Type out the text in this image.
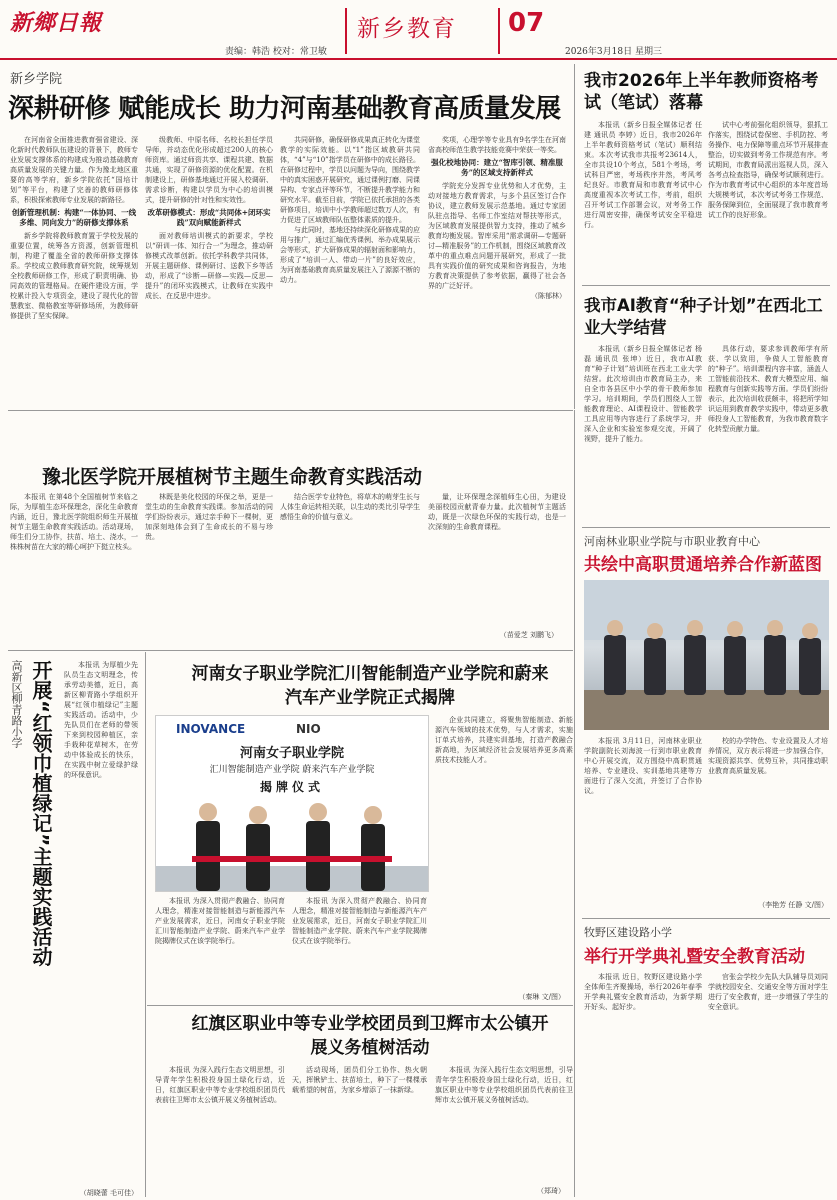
新鄉日報
责编：韩浩 校对：常卫敏
新乡教育 07
2026年3月18日 星期三
新乡学院
深耕研修 赋能成长 助力河南基础教育高质量发展

在河南省全面推进教育强省建设、深化新时代教师队伍建设的背景下，教师专业发展支撑体系的构建成为推动基础教育高质量发展的关键力量。作为豫北地区重要的高等学府，新乡学院依托“国培计划”等平台，构建了完善的教师研修体系，积极探索教师专业发展的新路径。

创新管理机制：构建“一体协同、一线多维、同向发力”的研修支撑体系

新乡学院将教师教育置于学校发展的重要位置，统筹各方资源，创新管理机制，构建了覆盖全省的教师研修支撑体系。学校成立教师教育研究院，统筹规划全校教师研修工作，形成了职责明确、协同高效的管理格局。在硬件建设方面，学校累计投入专项资金，建设了现代化的智慧教室、微格教室等研修场所，为教师研修提供了坚实保障。

级教师、中原名师、名校长担任学员导师，并动态优化形成超过200人的核心师资库。通过师资共享、课程共建、数据共通，实现了研修资源的优化配置。在机制建设上，研修基地通过开展入校调研、需求诊断，构建以学员为中心的培训模式，提升研修的针对性和实效性。

改革研修模式：形成“共同体+闭环实践”双向赋能新样式

面对教师培训模式的新要求，学校以“研训一体、知行合一”为理念，推动研修模式改革创新。依托学科教学共同体，开展主题研修、课例研讨、送教下乡等活动，形成了“诊断—研修—实践—反思—提升”的闭环实践模式，让教师在实践中成长、在反思中进步。

共同研修，确保研修成果真正转化为课堂教学的实际效能。以“1”指区域教研共同体，“4”与“10”指学员在研修中的成长路径。在研修过程中，学员以问题为导向，围绕教学中的真实困惑开展研究，通过课例打磨、同课异构、专家点评等环节，不断提升教学能力和研究水平。截至目前，学院已依托承担的各类研修项目，培训中小学教师超过数万人次，有力促进了区域教师队伍整体素质的提升。

与此同时，基地还持续深化研修成果的应用与推广，通过汇编优秀课例、举办成果展示会等形式，扩大研修成果的辐射面和影响力，形成了“培训一人、带动一片”的良好效应，为河南基础教育高质量发展注入了源源不断的动力。

奖项，心理学等专业具有9名学生在河南省高校师范生教学技能竞赛中荣获一等奖。

强化校地协同：建立“智库引领、精准服务”的区域支持新样式

学院充分发挥专业优势和人才优势，主动对接地方教育需求，与多个县区签订合作协议，建立教师发展示范基地。通过专家团队驻点指导、名师工作室结对帮扶等形式，为区域教育发展提供智力支持，推动了城乡教育均衡发展。智库采用“需求调研—专题研讨—精准服务”的工作机制，围绕区域教育改革中的重点难点问题开展研究，形成了一批具有实践价值的研究成果和咨询报告，为地方教育决策提供了参考依据，赢得了社会各界的广泛好评。

（陈郁林）
我市2026年上半年教师资格考试（笔试）落幕

本报讯（新乡日报全媒体记者 任建 通讯员 李婷）近日，我市2026年上半年教师资格考试（笔试）顺利结束。本次考试我市共报考23614人，全市共设10个考点，581个考场，考试科目严密，考场秩序井然，考风考纪良好。市教育局和市教育考试中心高度重视本次考试工作，考前，组织召开考试工作部署会议，对考务工作进行周密安排，确保考试安全平稳进行。

试中心考前强化组织领导，狠抓工作落实，围绕试卷保密、手机防控、考务操作、电力保障等重点环节开展排查整治，切实做到考务工作规范有序。考试期间，市教育局派出巡视人员，深入各考点检查指导，确保考试顺利进行。作为市教育考试中心组织的本年度首场大规模考试，本次考试考务工作规范、服务保障到位，全面展现了我市教育考试工作的良好形象。

我市AI教育“种子计划”在西北工业大学结营

本报讯（新乡日报全媒体记者 杨磊 通讯员 张坤）近日，我市AI教育“种子计划”培训班在西北工业大学结营。此次培训由市教育局主办，来自全市各县区中小学的骨干教师参加学习。培训期间，学员们围绕人工智能教育理论、AI课程设计、智能教学工具应用等内容进行了系统学习，并深入企业和实验室参观交流，开阔了视野，提升了能力。

具体行动，要求参训教师学有所获、学以致用，争做人工智能教育的“种子”。培训课程内容丰富，涵盖人工智能前沿技术、教育大模型应用、编程教育与创新实践等方面。学员们纷纷表示，此次培训收获颇丰，将把所学知识运用到教育教学实践中，带动更多教师投身人工智能教育，为我市教育数字化转型贡献力量。

豫北医学院开展植树节主题生命教育实践活动

本报讯 在第48个全国植树节来临之际，为厚植生态环保理念，深化生命教育内涵，近日，豫北医学院组织师生开展植树节主题生命教育实践活动。活动现场，师生们分工协作，扶苗、培土、浇水，一株株树苗在大家的精心呵护下挺立枝头。

林既是美化校园的环保之举，更是一堂生动的生命教育实践课。参加活动的同学们纷纷表示，通过亲手种下一棵树，更加深刻地体会到了生命成长的不易与珍贵。

结合医学专业特色，将草木的萌芽生长与人体生命运转相关联，以生动的类比引导学生感悟生命的价值与意义。

量，让环保理念深植师生心田，为建设美丽校园贡献青春力量。此次植树节主题活动，既是一次绿色环保的实践行动，也是一次深刻的生命教育课程。

（苗爱芝 刘鹏飞）
河南林业职业学院与市职业教育中心
共绘中高职贯通培养合作新蓝图

本报讯 3月11日，河南林业职业学院副院长刘海波一行到市职业教育中心开展交流，双方围绕中高职贯通培养、专业建设、实训基地共建等方面进行了深入交流，并签订了合作协议。

校的办学特色、专业设置及人才培养情况，双方表示将进一步加强合作，实现资源共享、优势互补，共同推动职业教育高质量发展。

（李艳芳 任静 文/图）
开展“红领巾植绿记”主题实践活动
高新区柳青路小学	本报讯 为厚植少先队员生态文明理念，传承劳动美德，近日，高新区柳青路小学组织开展“红领巾植绿记”主题实践活动。活动中，少先队员们在老师的带领下来到校园种植区，亲手栽种花草树木，在劳动中体验成长的快乐，在实践中树立爱绿护绿的环保意识。

（胡晓蕾 毛可佳）
河南女子职业学院汇川智能制造产业学院和蔚来汽车产业学院正式揭牌
INOVANCE	NIO
河南女子职业学院
汇川智能制造产业学院 蔚来汽车产业学院
揭牌仪式

本报讯 为深入贯彻产教融合、协同育人理念，精准对接智能制造与新能源汽车产业发展需求，近日，河南女子职业学院汇川智能制造产业学院、蔚来汽车产业学院揭牌仪式在该学院举行。

本报讯 为深入贯彻产教融合、协同育人理念，精准对接智能制造与新能源汽车产业发展需求，近日，河南女子职业学院汇川智能制造产业学院、蔚来汽车产业学院揭牌仪式在该学院举行。

企业共同建立，将聚焦智能制造、新能源汽车领域的技术优势，与人才需求，实施订单式培养，共建实训基地，打造产教融合新高地，为区域经济社会发展培养更多高素质技术技能人才。

（秦琳 文/图）
红旗区职业中等专业学校团员到卫辉市太公镇开展义务植树活动

本报讯 为深入践行生态文明思想，引导青年学生积极投身国土绿化行动，近日，红旗区职业中等专业学校组织团员代表前往卫辉市太公镇开展义务植树活动。

活动现场，团员们分工协作、热火朝天，挥锹铲土、扶苗培土，种下了一棵棵承载希望的树苗，为家乡增添了一抹新绿。

本报讯 为深入践行生态文明思想，引导青年学生积极投身国土绿化行动，近日，红旗区职业中等专业学校组织团员代表前往卫辉市太公镇开展义务植树活动。

（郑琦）
牧野区建设路小学
举行开学典礼暨安全教育活动

本报讯 近日，牧野区建设路小学全体师生齐聚操场，举行2026年春季开学典礼暨安全教育活动，为新学期开好头、起好步。

官张会学校少先队大队辅导员刘同学就校园安全、交通安全等方面对学生进行了安全教育，进一步增强了学生的安全意识。
